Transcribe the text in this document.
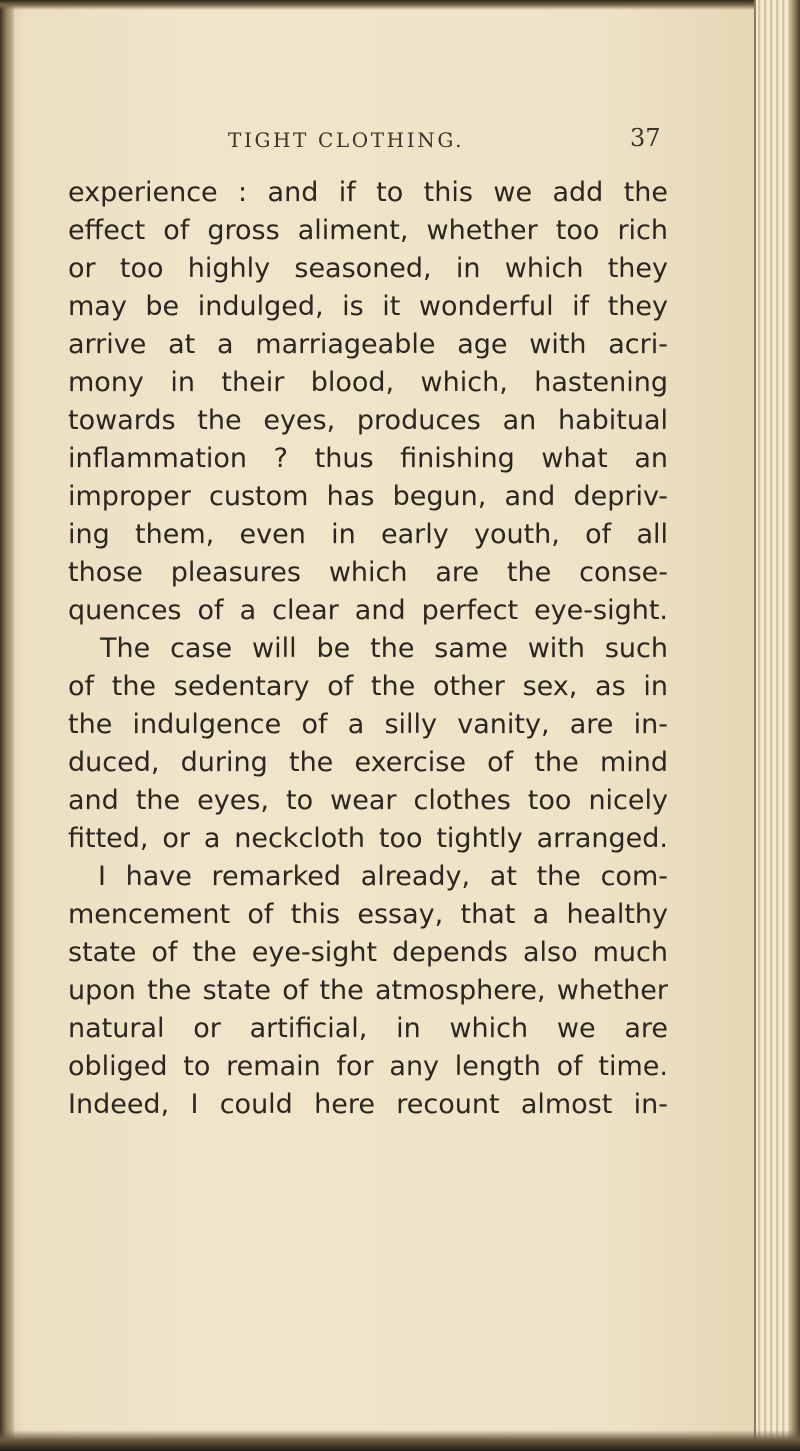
TIGHT CLOTHING.	37
experience : and if to this we add the
effect of gross aliment, whether too rich
or too highly seasoned, in which they
may be indulged, is it wonderful if they
arrive at a marriageable age with acri-
mony in their blood, which, hastening
towards the eyes, produces an habitual
inflammation ? thus finishing what an
improper custom has begun, and depriv-
ing them, even in early youth, of all
those pleasures which are the conse-
quences of a clear and perfect eye-sight.
The case will be the same with such
of the sedentary of the other sex, as in
the indulgence of a silly vanity, are in-
duced, during the exercise of the mind
and the eyes, to wear clothes too nicely
fitted, or a neckcloth too tightly arranged.
I have remarked already, at the com-
mencement of this essay, that a healthy
state of the eye-sight depends also much
upon the state of the atmosphere, whether
natural or artificial, in which we are
obliged to remain for any length of time.
Indeed, I could here recount almost in-
